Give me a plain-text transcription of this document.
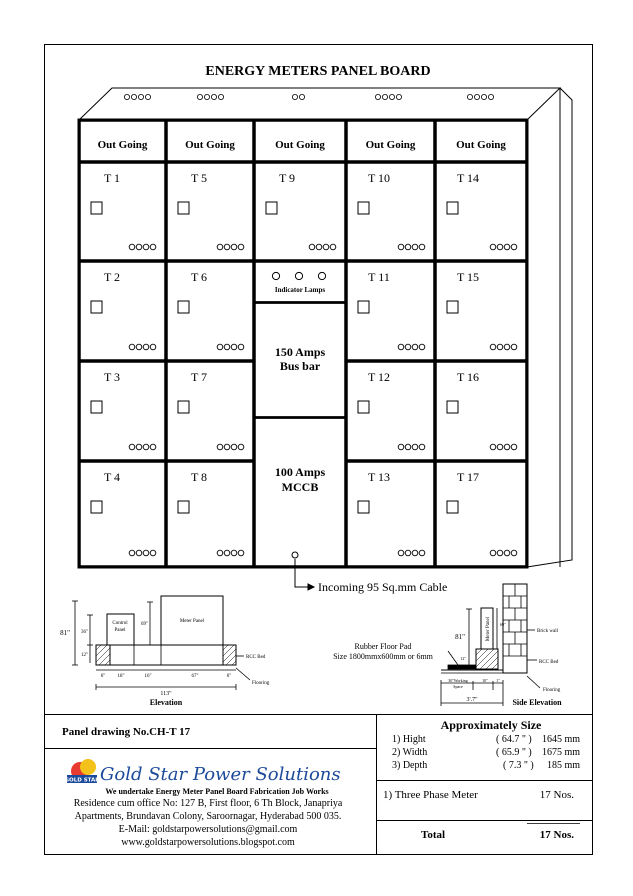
ENERGY METERS PANEL BOARD
Out Going
T 1
T 2
T 3
T 4
Out Going
T 5
T 6
T 7
T 8
Out Going
T 9
Out Going
T 10
T 11
T 12
T 13
Out Going
T 14
T 15
T 16
T 17
Indicator Lamps
150 Amps
Bus bar
100 Amps
MCCB
Incoming 95 Sq.mm Cable
81" 36"
12"
69"
6" 18"	16"	67"	6"
Control Panel
Meter Panel
RCC Bed
Flooring
113"
Elevation
Meter Panel
81"
69"
12"
10" 1"
3'.7"
30"Working
Space
Brick wall
RCC Bed
Flooring
Rubber Floor Pad
Size 1800mmx600mm or 6mm
Side Elevation
Panel drawing No.CH-T 17
GOLD STAR Gold Star Power Solutions
We undertake Energy Meter Panel Board Fabrication Job Works
Residence cum office No: 127 B, First floor, 6 Th Block, Janapriya
Apartments, Brundavan Colony, Saroornagar, Hyderabad 500 035.
E-Mail: goldstarpowersolutions@gmail.com
www.goldstarpowersolutions.blogspot.com
Approximately Size
1) Hight	( 64.7 " ) 1645 mm
2) Width	( 65.9 " ) 1675 mm
3) Depth	( 7.3 " ) 185 mm
1) Three Phase Meter	17 Nos.
Total	17 Nos.
